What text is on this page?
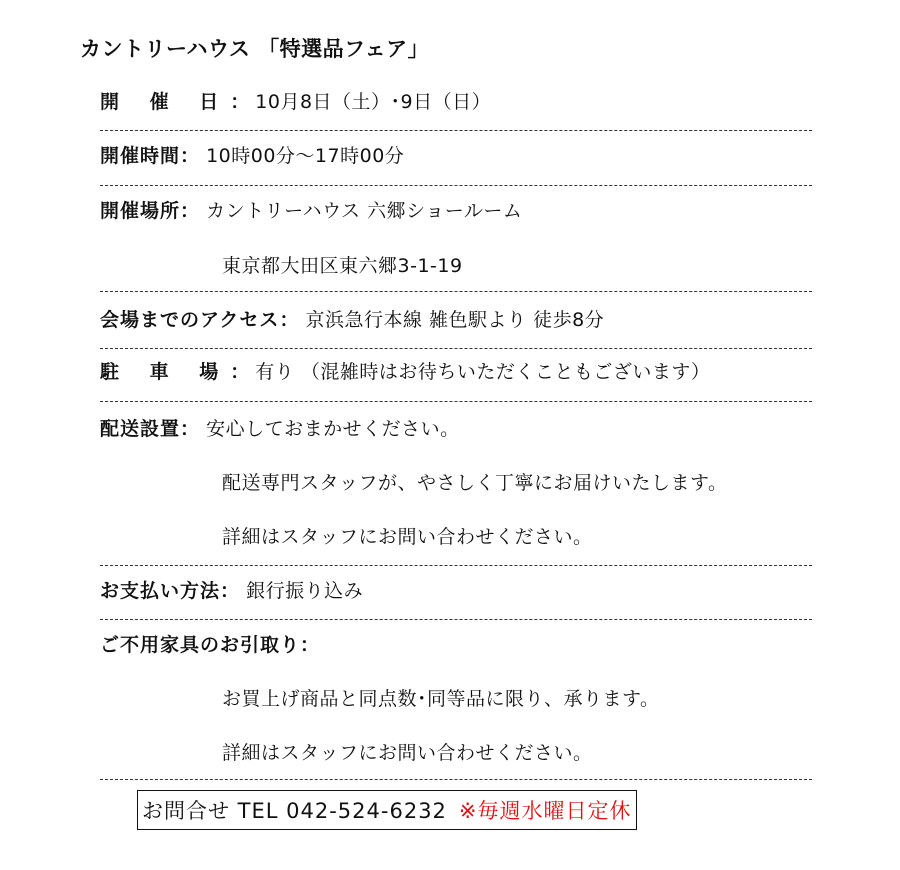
カントリーハウス 「特選品フェア」
開 催 日： 10月8日（土）･9日（日）
開催時間： 10時00分～17時00分
開催場所： カントリーハウス 六郷ショールーム
東京都大田区東六郷3-1-19
会場までのアクセス： 京浜急行本線 雑色駅より 徒歩8分
駐 車 場： 有り （混雑時はお待ちいただくこともございます）
配送設置： 安心しておまかせください。
配送専門スタッフが、やさしく丁寧にお届けいたします。
詳細はスタッフにお問い合わせください。
お支払い方法： 銀行振り込み
ご不用家具のお引取り：
お買上げ商品と同点数･同等品に限り、承ります。
詳細はスタッフにお問い合わせください。
お問合せ TEL 042-524-6232 ※毎週水曜日定休
